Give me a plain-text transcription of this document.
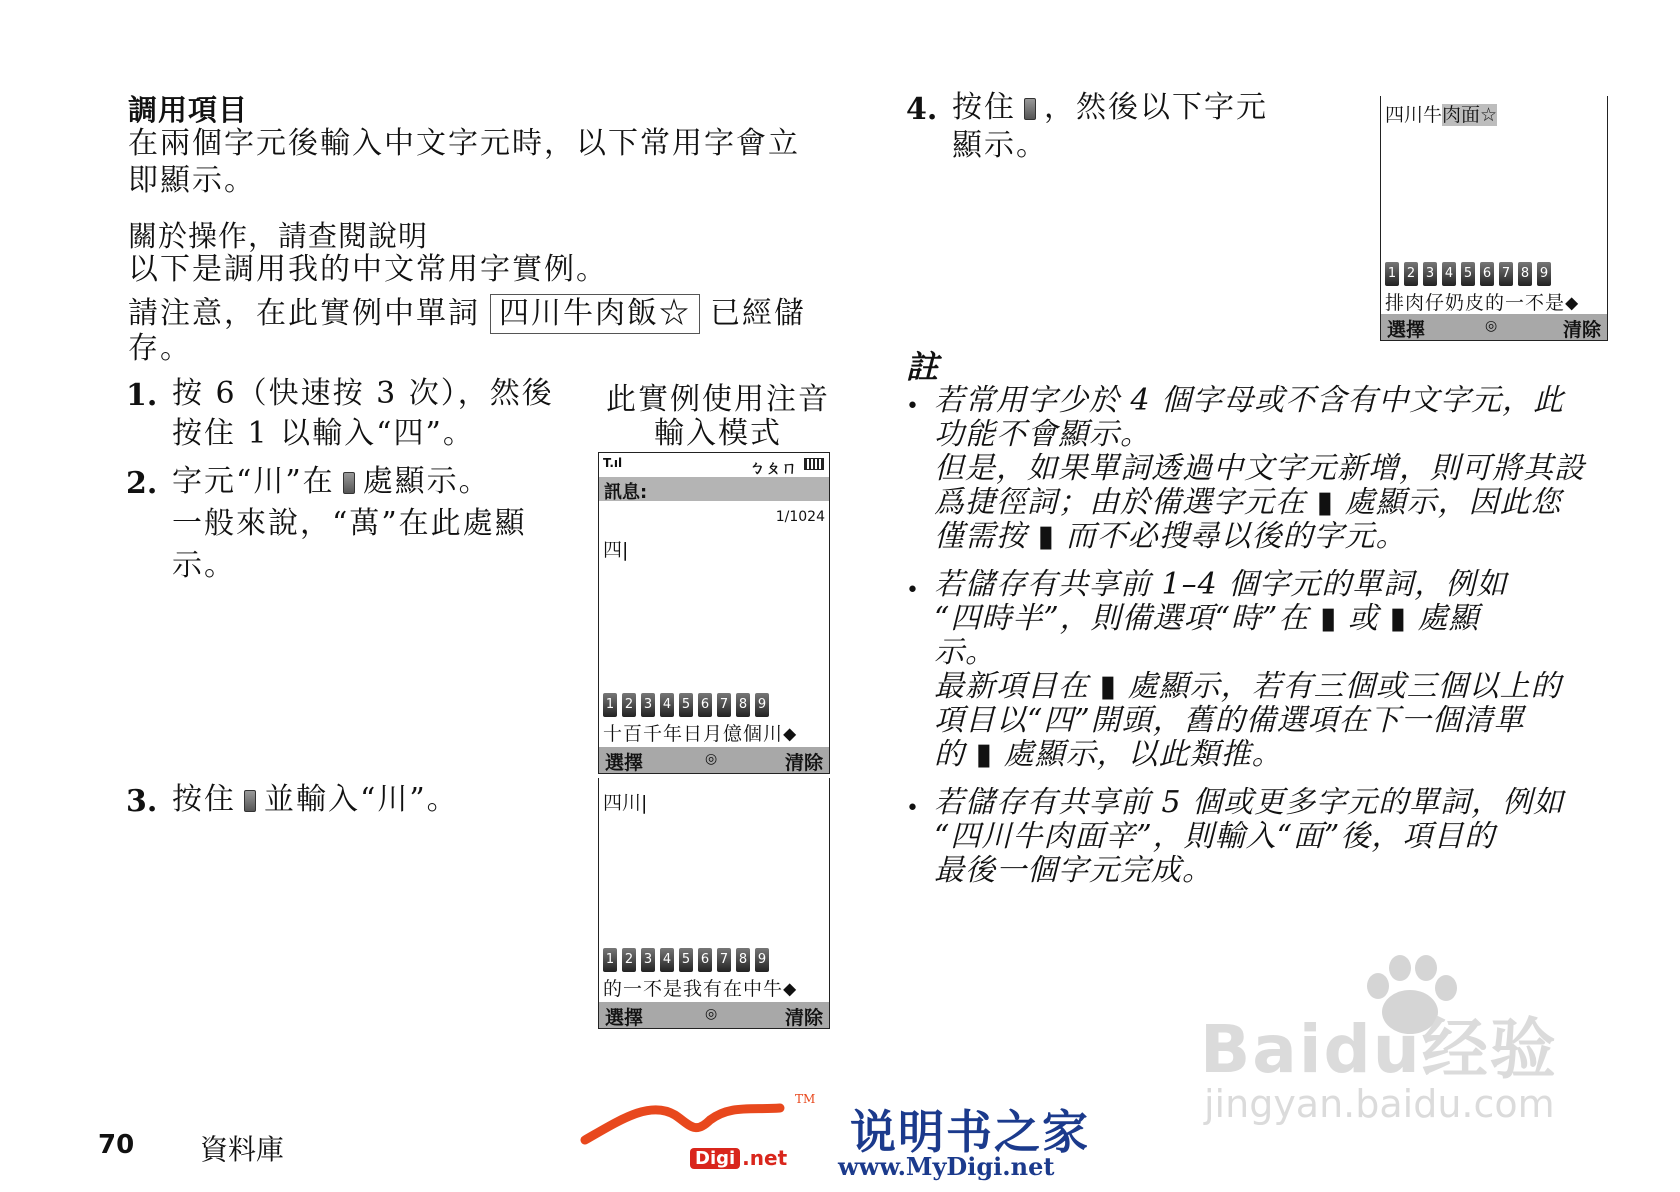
調用項目
在兩個字元後輸入中文字元時，以下常用字會立
即顯示。
關於操作，請查閱說明
以下是調用我的中文常用字實例。
請注意，在此實例中單詞 四川牛肉飯☆ 已經儲
存。
1. 按 6（快速按 3 次），然後
按住 1 以輸入“四”。
2. 字元“川”在 處顯示。
一般來說，“萬”在此處顯
示。
3. 按住 並輸入“川”。
此實例使用注音
輸入模式
T.ıl	ㄅㄆㄇ
訊息:
1/1024
四|
1 2 3 4 5 6 7 8 9
十百千年日月億個川⬥
選擇	◎	清除
四川|
1 2 3 4 5 6 7 8 9
的一不是我有在中牛⬥
選擇	◎	清除
4. 按住 ，然後以下字元
顯示。
四川牛肉面☆
1 2 3 4 5 6 7 8 9
排肉仔奶皮的一不是⬥
選擇	◎	清除
註
• 若常用字少於 4 個字母或不含有中文字元，此
功能不會顯示。
但是，如果單詞透過中文字元新增，則可將其設
爲捷徑詞；由於備選字元在 ▮ 處顯示，因此您
僅需按 ▮ 而不必搜尋以後的字元。
• 若儲存有共享前 1–4 個字元的單詞，例如
“四時半”，則備選項“時”在 ▮ 或 ▮ 處顯
示。
最新項目在 ▮ 處顯示，若有三個或三個以上的
項目以“四”開頭，舊的備選項在下一個清單
的 ▮ 處顯示，以此類推。
• 若儲存有共享前 5 個或更多字元的單詞，例如
“四川牛肉面辛”，則輸入“面”後，項目的
最後一個字元完成。
Baidu经验
jingyan.baidu.com
70 資料庫
TM
Digi .net 说明书之家
www.MyDigi.net
